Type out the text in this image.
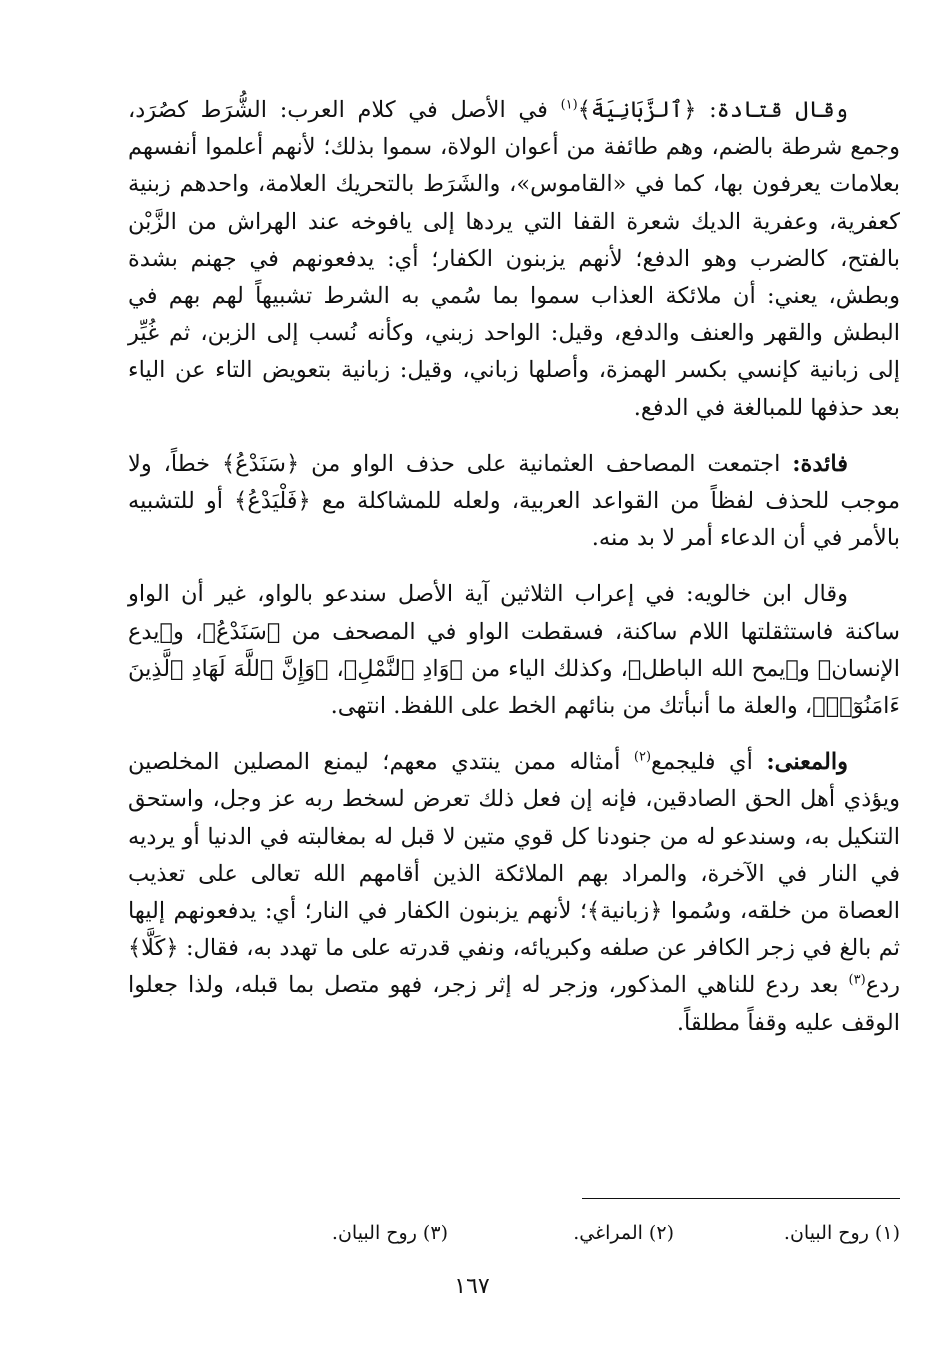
وقال قتادة: ﴿ٱلزَّبَانِيَةَ﴾$^{(١)}$ في الأصل في كلام العرب: الشُّرَط كصُرَد، وجمع شرطة بالضم، وهم طائفة من أعوان الولاة، سموا بذلك؛ لأنهم أعلموا أنفسهم بعلامات يعرفون بها، كما في «القاموس»، والشَرَط بالتحريك العلامة، واحدهم زبنية كعفرية، وعفرية الديك شعرة القفا التي يردها إلى يافوخه عند الهراش من الزَّبْن بالفتح، كالضرب وهو الدفع؛ لأنهم يزبنون الكفار؛ أي: يدفعونهم في جهنم بشدة وبطش، يعني: أن ملائكة العذاب سموا بما سُمي به الشرط تشبيهاً لهم بهم في البطش والقهر والعنف والدفع، وقيل: الواحد زبني، وكأنه نُسب إلى الزبن، ثم غُيِّر إلى زبانية كإنسي بكسر الهمزة، وأصلها زباني، وقيل: زبانية بتعويض التاء عن الياء بعد حذفها للمبالغة في الدفع.

فائدة: اجتمعت المصاحف العثمانية على حذف الواو من ﴿سَنَدْعُ﴾ خطاً، ولا موجب للحذف لفظاً من القواعد العربية، ولعله للمشاكلة مع ﴿فَلْيَدْعُ﴾ أو للتشبيه بالأمر في أن الدعاء أمر لا بد منه.

وقال ابن خالويه: في إعراب الثلاثين آية الأصل سندعو بالواو، غير أن الواو ساكنة فاستثقلتها اللام ساكنة، فسقطت الواو في المصحف من ﴿سَنَدْعُ﴾، و﴿يدع الإنسان﴾ و﴿يمح الله الباطل﴾، وكذلك الياء من ﴿وَادِ ٱلنَّمْلِ﴾، ﴿وَإِنَّ ٱللَّهَ لَهَادِ ٱلَّذِينَ ءَامَنُوٓا۟﴾، والعلة ما أنبأتك من بنائهم الخط على اللفظ. انتهى.

والمعنى: أي فليجمع$^{(٢)}$ أمثاله ممن ينتدي معهم؛ ليمنع المصلين المخلصين ويؤذي أهل الحق الصادقين، فإنه إن فعل ذلك تعرض لسخط ربه عز وجل، واستحق التنكيل به، وسندعو له من جنودنا كل قوي متين لا قبل له بمغالبته في الدنيا أو يرديه في النار في الآخرة، والمراد بهم الملائكة الذين أقامهم الله تعالى على تعذيب العصاة من خلقه، وسُموا ﴿زبانية﴾؛ لأنهم يزبنون الكفار في النار؛ أي: يدفعونهم إليها ثم بالغ في زجر الكافر عن صلفه وكبريائه، ونفي قدرته على ما تهدد به، فقال: ﴿كَلَّا﴾ ردع$^{(٣)}$ بعد ردع للناهي المذكور، وزجر له إثر زجر، فهو متصل بما قبله، ولذا جعلوا الوقف عليه وقفاً مطلقاً.

(١) روح البيان.
(٢) المراغي.
(٣) روح البيان.
١٦٧
